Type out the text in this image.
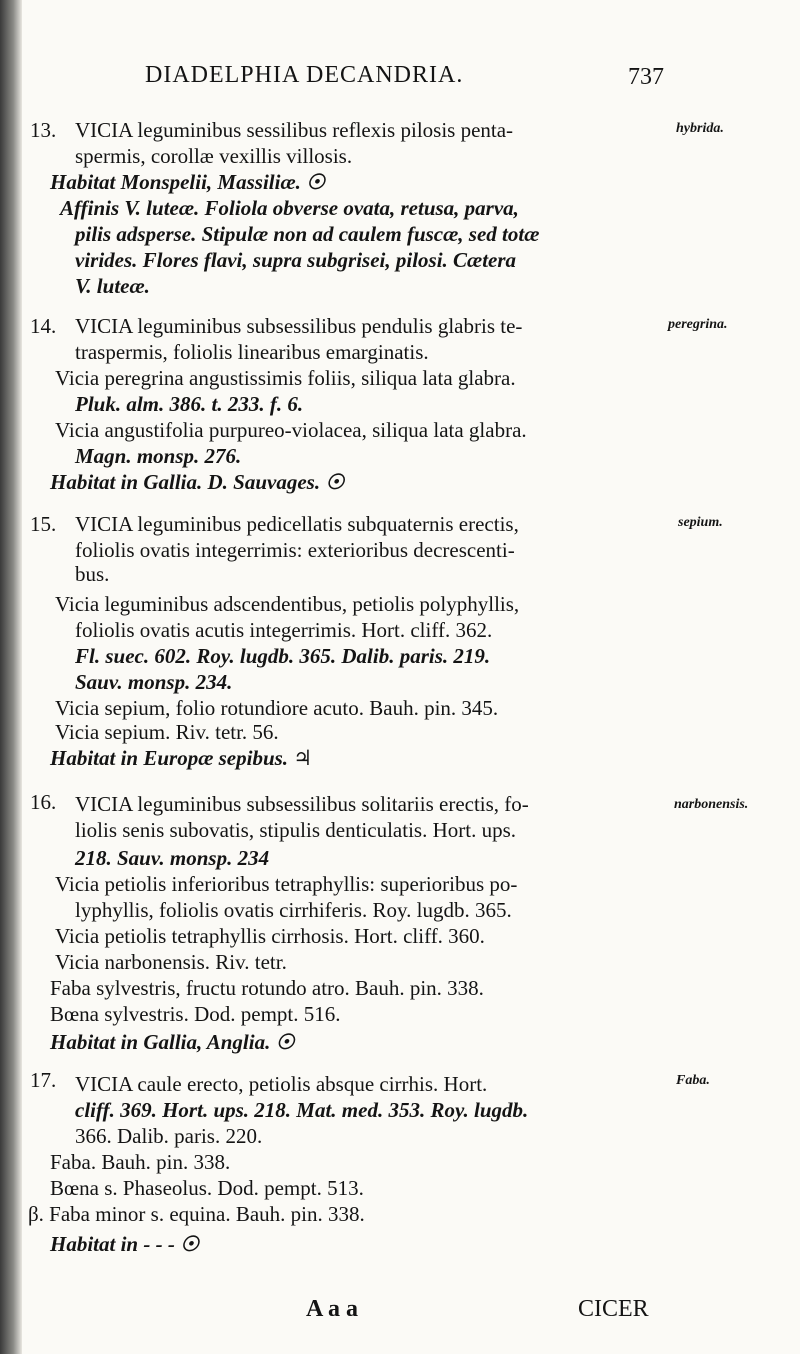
DIADELPHIA DECANDRIA.	737
13.	hybrida.
VICIA leguminibus sessilibus reflexis pilosis penta-
spermis, corollæ vexillis villosis.
Habitat Monspelii, Massiliæ. ☉
Affinis V. luteæ. Foliola obverse ovata, retusa, parva,
pilis adsperse. Stipulæ non ad caulem fuscæ, sed totæ
virides. Flores flavi, supra subgrisei, pilosi. Cætera
V. luteæ.
14.	peregrina.
VICIA leguminibus subsessilibus pendulis glabris te-
traspermis, foliolis linearibus emarginatis.
Vicia peregrina angustissimis foliis, siliqua lata glabra.
Pluk. alm. 386. t. 233. f. 6.
Vicia angustifolia purpureo-violacea, siliqua lata glabra.
Magn. monsp. 276.
Habitat in Gallia. D. Sauvages. ☉
15.	sepium.
VICIA leguminibus pedicellatis subquaternis erectis,
foliolis ovatis integerrimis: exterioribus decrescenti-
bus.
Vicia leguminibus adscendentibus, petiolis polyphyllis,
foliolis ovatis acutis integerrimis. Hort. cliff. 362.
Fl. suec. 602. Roy. lugdb. 365. Dalib. paris. 219.
Sauv. monsp. 234.
Vicia sepium, folio rotundiore acuto. Bauh. pin. 345.
Vicia sepium. Riv. tetr. 56.
Habitat in Europæ sepibus. ♃
16.	narbonensis.
VICIA leguminibus subsessilibus solitariis erectis, fo-
liolis senis subovatis, stipulis denticulatis. Hort. ups.
218. Sauv. monsp. 234
Vicia petiolis inferioribus tetraphyllis: superioribus po-
lyphyllis, foliolis ovatis cirrhiferis. Roy. lugdb. 365.
Vicia petiolis tetraphyllis cirrhosis. Hort. cliff. 360.
Vicia narbonensis. Riv. tetr.
Faba sylvestris, fructu rotundo atro. Bauh. pin. 338.
Bœna sylvestris. Dod. pempt. 516.
Habitat in Gallia, Anglia. ☉
17.	Faba.
VICIA caule erecto, petiolis absque cirrhis. Hort.
cliff. 369. Hort. ups. 218. Mat. med. 353. Roy. lugdb.
366. Dalib. paris. 220.
Faba. Bauh. pin. 338.
Bœna s. Phaseolus. Dod. pempt. 513.
β. Faba minor s. equina. Bauh. pin. 338.
Habitat in - - - ☉
A a a	CICER
